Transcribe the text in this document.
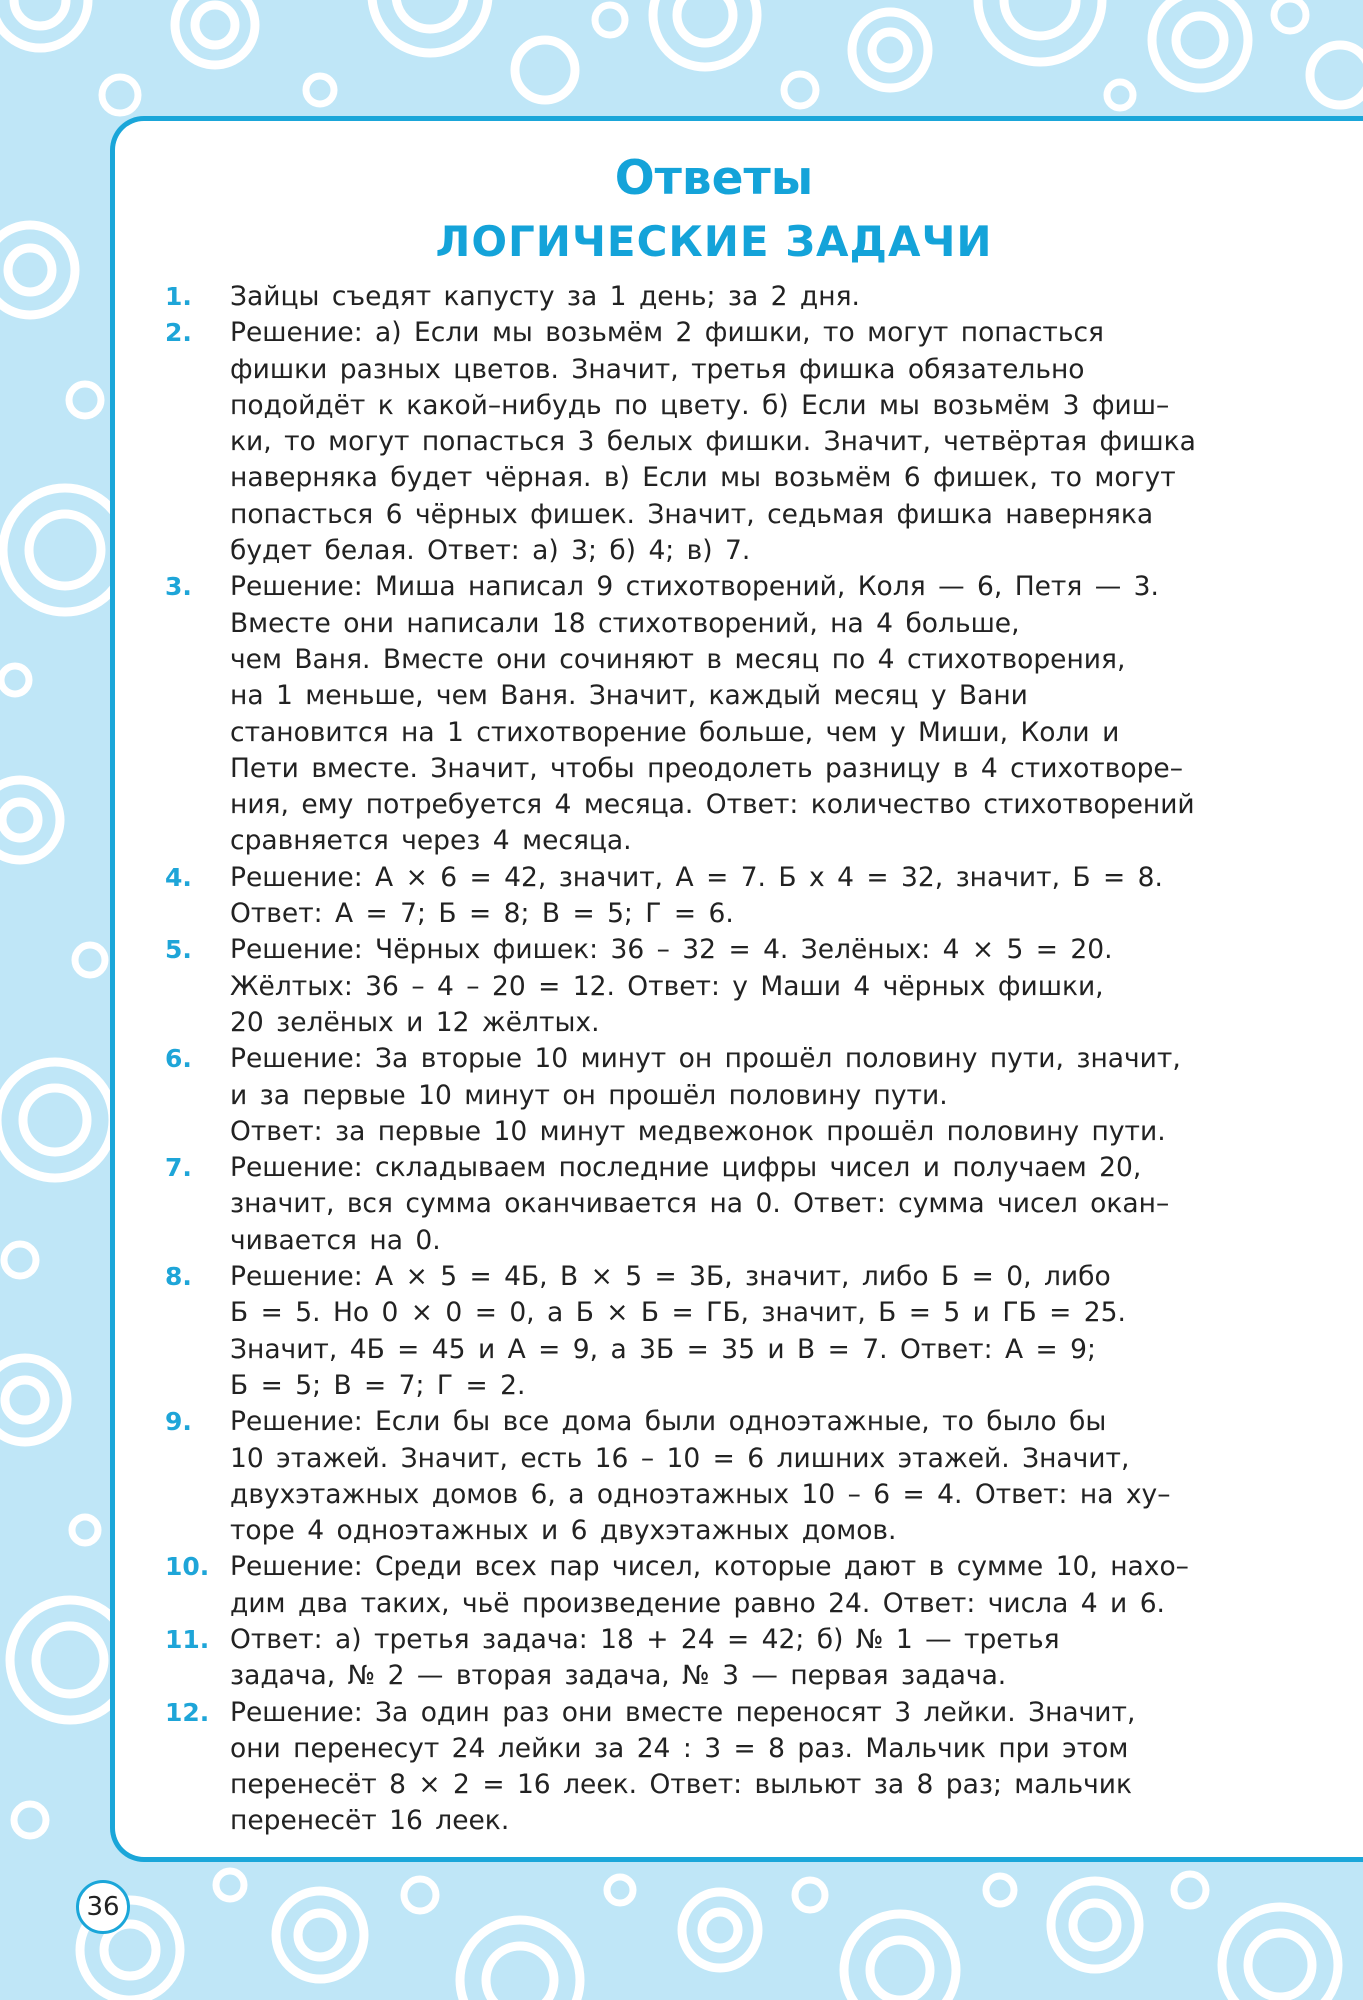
Ответы
ЛОГИЧЕСКИЕ ЗАДАЧИ
1.	Зайцы съедят капусту за 1 день; за 2 дня.
2.	Решение: а) Если мы возьмём 2 фишки, то могут попасться
фишки разных цветов. Значит, третья фишка обязательно
подойдёт к какой–нибудь по цвету. б) Если мы возьмём 3 фиш–
ки, то могут попасться 3 белых фишки. Значит, четвёртая фишка
наверняка будет чёрная. в) Если мы возьмём 6 фишек, то могут
попасться 6 чёрных фишек. Значит, седьмая фишка наверняка
будет белая. Ответ: а) 3; б) 4; в) 7.
3.	Решение: Миша написал 9 стихотворений, Коля — 6, Петя — 3.
Вместе они написали 18 стихотворений, на 4 больше,
чем Ваня. Вместе они сочиняют в месяц по 4 стихотворения,
на 1 меньше, чем Ваня. Значит, каждый месяц у Вани
становится на 1 стихотворение больше, чем у Миши, Коли и
Пети вместе. Значит, чтобы преодолеть разницу в 4 стихотворе–
ния, ему потребуется 4 месяца. Ответ: количество стихотворений
сравняется через 4 месяца.
4.	Решение: А × 6 = 42, значит, А = 7. Б х 4 = 32, значит, Б = 8.
Ответ: А = 7; Б = 8; В = 5; Г = 6.
5.	Решение: Чёрных фишек: 36 – 32 = 4. Зелёных: 4 × 5 = 20.
Жёлтых: 36 – 4 – 20 = 12. Ответ: у Маши 4 чёрных фишки,
20 зелёных и 12 жёлтых.
6.	Решение: За вторые 10 минут он прошёл половину пути, значит,
и за первые 10 минут он прошёл половину пути.
Ответ: за первые 10 минут медвежонок прошёл половину пути.
7.	Решение: складываем последние цифры чисел и получаем 20,
значит, вся сумма оканчивается на 0. Ответ: сумма чисел окан–
чивается на 0.
8.	Решение: А × 5 = 4Б, В × 5 = 3Б, значит, либо Б = 0, либо
Б = 5. Но 0 × 0 = 0, а Б × Б = ГБ, значит, Б = 5 и ГБ = 25.
Значит, 4Б = 45 и А = 9, а 3Б = 35 и В = 7. Ответ: А = 9;
Б = 5; В = 7; Г = 2.
9.	Решение: Если бы все дома были одноэтажные, то было бы
10 этажей. Значит, есть 16 – 10 = 6 лишних этажей. Значит,
двухэтажных домов 6, а одноэтажных 10 – 6 = 4. Ответ: на ху–
торе 4 одноэтажных и 6 двухэтажных домов.
10. Решение: Среди всех пар чисел, которые дают в сумме 10, нахо–
дим два таких, чьё произведение равно 24. Ответ: числа 4 и 6.
11. Ответ: а) третья задача: 18 + 24 = 42; б) № 1 — третья
задача, № 2 — вторая задача, № 3 — первая задача.
12. Решение: За один раз они вместе переносят 3 лейки. Значит,
они перенесут 24 лейки за 24 : 3 = 8 раз. Мальчик при этом
перенесёт 8 × 2 = 16 леек. Ответ: выльют за 8 раз; мальчик
перенесёт 16 леек.
36
